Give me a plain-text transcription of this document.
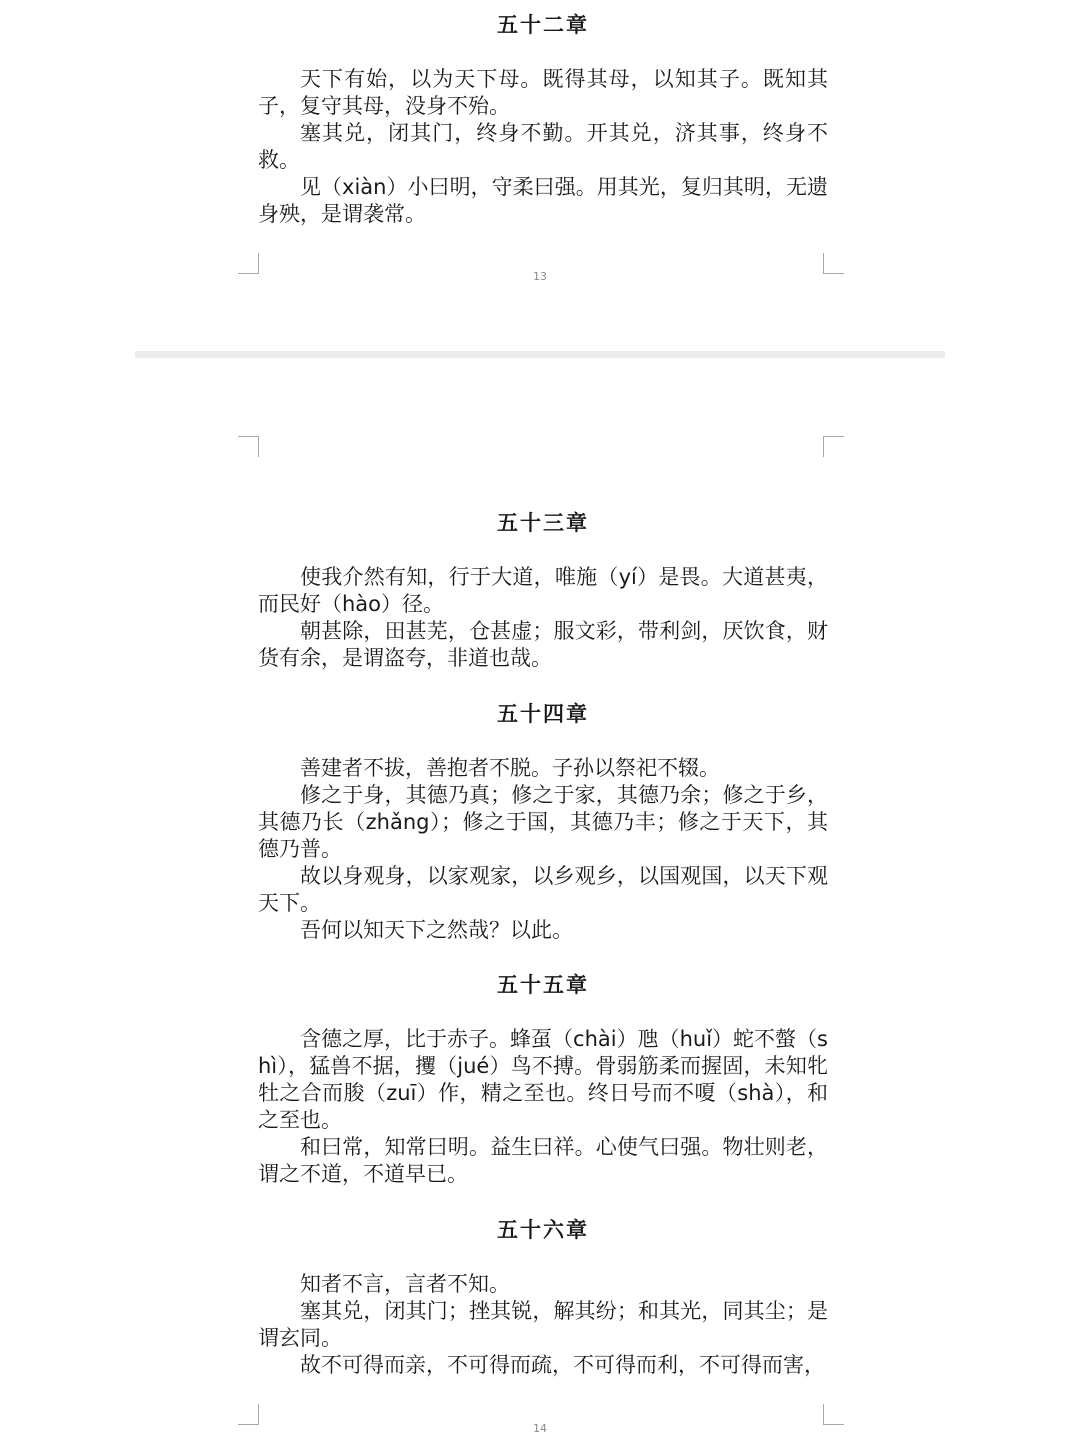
五十二章

天下有始，以为天下母。既得其母，以知其子。既知其子，复守其母，没身不殆。

塞其兑，闭其门，终身不勤。开其兑，济其事，终身不救。

见（xiàn）小曰明，守柔曰强。用其光，复归其明，无遗身殃，是谓袭常。

13
五十三章

使我介然有知，行于大道，唯施（yí）是畏。大道甚夷，而民好（hào）径。

朝甚除，田甚芜，仓甚虚；服文彩，带利剑，厌饮食，财货有余，是谓盗夸，非道也哉。

五十四章

善建者不拔，善抱者不脱。子孙以祭祀不辍。

修之于身，其德乃真；修之于家，其德乃余；修之于乡，其德乃长（zhǎng）；修之于国，其德乃丰；修之于天下，其德乃普。

故以身观身，以家观家，以乡观乡，以国观国，以天下观天下。

吾何以知天下之然哉？以此。

五十五章

含德之厚，比于赤子。蜂虿（chài）虺（huǐ）蛇不螫（shì），猛兽不据，攫（jué）鸟不搏。骨弱筋柔而握固，未知牝牡之合而朘（zuī）作，精之至也。终日号而不嗄（shà），和之至也。

和曰常，知常曰明。益生曰祥。心使气曰强。物壮则老，谓之不道，不道早已。

五十六章

知者不言，言者不知。

塞其兑，闭其门；挫其锐，解其纷；和其光，同其尘；是谓玄同。

故不可得而亲，不可得而疏，不可得而利，不可得而害，

14
